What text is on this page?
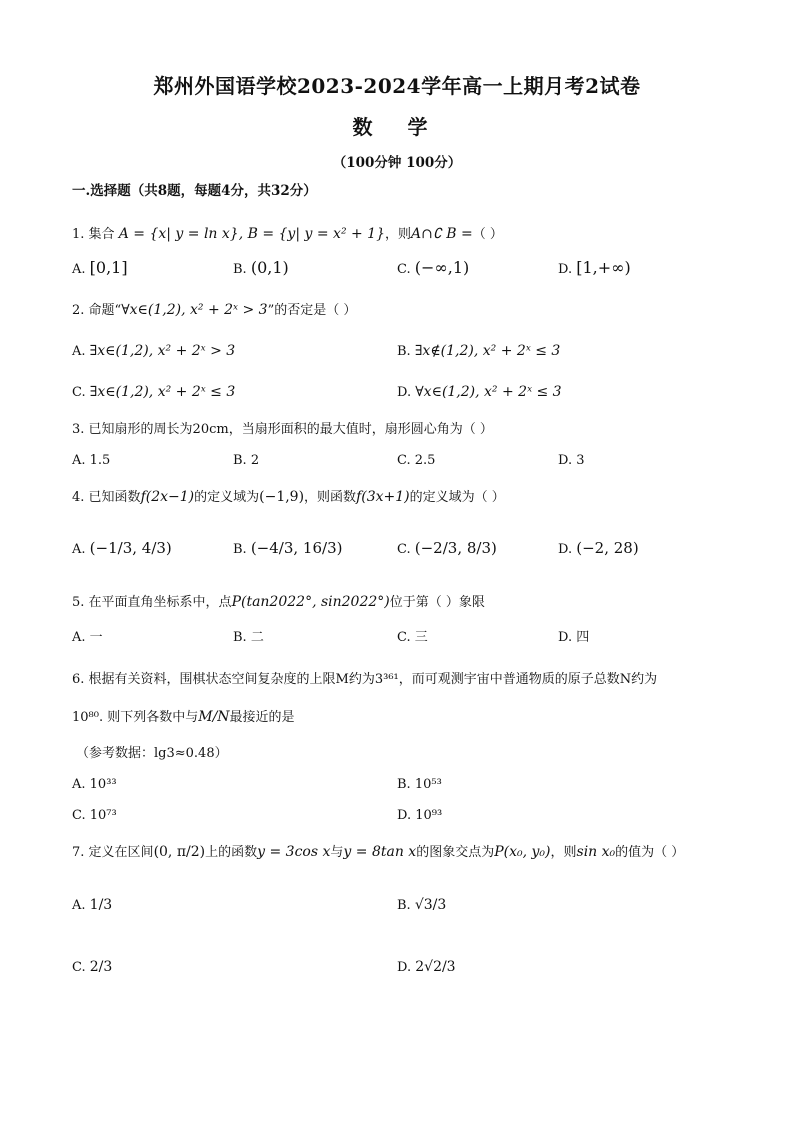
郑州外国语学校2023-2024学年高一上期月考2试卷
数 学
（100分钟 100分）
一.选择题（共8题，每题4分，共32分）
1. 集合 A = {x| y = ln x}, B = {y| y = x² + 1}，则A∩∁ B =（ ）
A. [0,1]	B. (0,1)	C. (−∞,1)	D. [1,+∞)
2. 命题“∀x∈(1,2), x² + 2ˣ > 3”的否定是（ ）
A. ∃x∈(1,2), x² + 2ˣ > 3	B. ∃x∉(1,2), x² + 2ˣ ≤ 3
C. ∃x∈(1,2), x² + 2ˣ ≤ 3	D. ∀x∈(1,2), x² + 2ˣ ≤ 3
3. 已知扇形的周长为20cm，当扇形面积的最大值时，扇形圆心角为（ ）
A. 1.5	B. 2	C. 2.5	D. 3
4. 已知函数f(2x−1)的定义域为(−1,9)，则函数f(3x+1)的定义域为（ ）
A. (−1/3, 4/3)	B. (−4/3, 16/3)	C. (−2/3, 8/3)	D. (−2, 28)
5. 在平面直角坐标系中，点P(tan2022°, sin2022°)位于第（ ）象限
A. 一	B. 二	C. 三	D. 四
6. 根据有关资料，围棋状态空间复杂度的上限M约为3³⁶¹，而可观测宇宙中普通物质的原子总数N约为
10⁸⁰. 则下列各数中与M/N最接近的是
（参考数据：lg3≈0.48）
A. 10³³	B. 10⁵³
C. 10⁷³	D. 10⁹³
7. 定义在区间(0, π/2)上的函数y = 3cos x与y = 8tan x的图象交点为P(x₀, y₀)，则sin x₀的值为（ ）
A. 1/3	B. √3/3
C. 2/3	D. 2√2/3
